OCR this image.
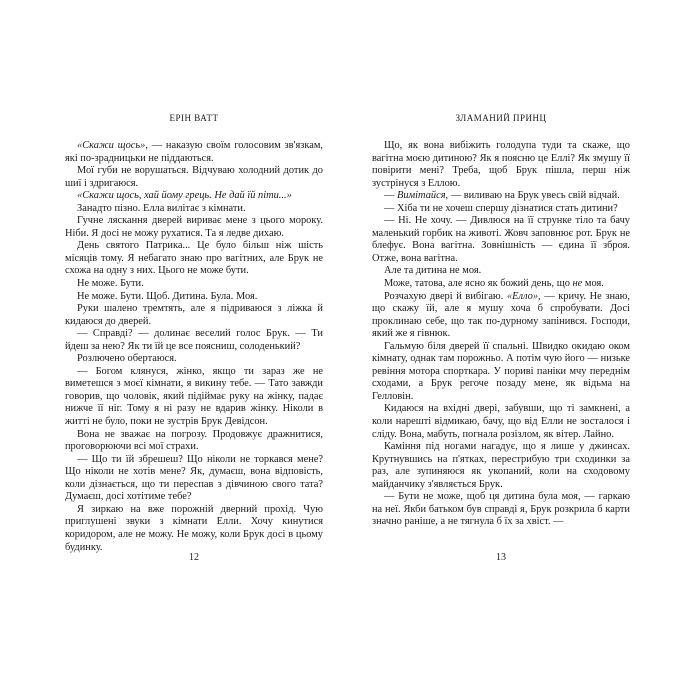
ЕРІН ВАТТ

«Скажи щось», — наказую своїм голосовим зв'язкам, які по-зрадницьки не піддаються.

Мої губи не ворушаться. Відчуваю холодний дотик до шиї і здригаюся.

«Скажи щось, хай йому грець. Не дай їй піти...»

Занадто пізно. Елла вилітає з кімнати.

Гучне ляскання дверей вириває мене з цього мороку. Ніби. Я досі не можу рухатися. Та я ледве дихаю.

День святого Патрика... Це було більш ніж шість місяців тому. Я небагато знаю про вагітних, але Брук не схожа на одну з них. Цього не може бути.

Не може. Бути.

Не може. Бути. Щоб. Дитина. Була. Моя.

Руки шалено тремтять, але я підриваюся з ліжка й кидаюся до дверей.

— Справді? — долинає веселий голос Брук. — Ти йдеш за нею? Як ти їй це все поясниш, солоденький?

Розлючено обертаюся.

— Богом клянуся, жінко, якщо ти зараз же не виметешся з моєї кімнати, я викину тебе. — Тато завжди говорив, що чоловік, який підіймає руку на жінку, падає нижче її ніг. Тому я ні разу не вдарив жінку. Ніколи в житті не було, поки не зустрів Брук Девідсон.

Вона не зважає на погрозу. Продовжує дражнитися, проговорюючи всі мої страхи.

— Що ти їй збрешеш? Що ніколи не торкався мене? Що ніколи не хотів мене? Як, думаєш, вона відповість, коли дізнається, що ти переспав з дівчиною свого тата? Думаєш, досі хотітиме тебе?

Я зиркаю на вже порожній дверний прохід. Чую приглушені звуки з кімнати Елли. Хочу кинутися коридором, але не можу. Не можу, коли Брук досі в цьому будинку.

12
ЗЛАМАНИЙ ПРИНЦ

Що, як вона вибіжить голодупа туди та скаже, що вагітна моєю дитиною? Як я поясню це Еллі? Як змушу її повірити мені? Треба, щоб Брук пішла, перш ніж зустрінуся з Еллою.

— Вимітайся, — виливаю на Брук увесь свій відчай.

— Хіба ти не хочеш спершу дізнатися стать дитини?

— Ні. Не хочу. — Дивлюся на її струнке тіло та бачу маленький горбик на животі. Жовч заповнює рот. Брук не блефує. Вона вагітна. Зовнішність — єдина її зброя. Отже, вона вагітна.

Але та дитина не моя.

Може, татова, але ясно як божий день, що не моя.

Розчахую двері й вибігаю. «Елло», — кричу. Не знаю, що скажу їй, але я мушу хоча б спробувати. Досі проклинаю себе, що так по-дурному запінився. Господи, який же я гівнюк.

Гальмую біля дверей її спальні. Швидко окидаю оком кімнату, однак там порожньо. А потім чую його — низьке ревіння мотора спорткара. У пориві паніки мчу переднім сходами, а Брук регоче позаду мене, як відьма на Гелловін.

Кидаюся на вхідні двері, забувши, що ті замкнені, а коли нарешті відмикаю, бачу, що від Елли не зосталося і сліду. Вона, мабуть, погнала розізлом, як вітер. Лайно.

Каміння під ногами нагадує, що я лише у джинсах. Крутнувшись на п'ятках, перестрибую три сходинки за раз, але зупиняюся як укопаний, коли на сходовому майданчику з'являється Брук.

— Бути не може, щоб ця дитина була моя, — гаркаю на неї. Якби батьком був справді я, Брук розкрила б карти значно раніше, а не тягнула б їх за хвіст. —

13
